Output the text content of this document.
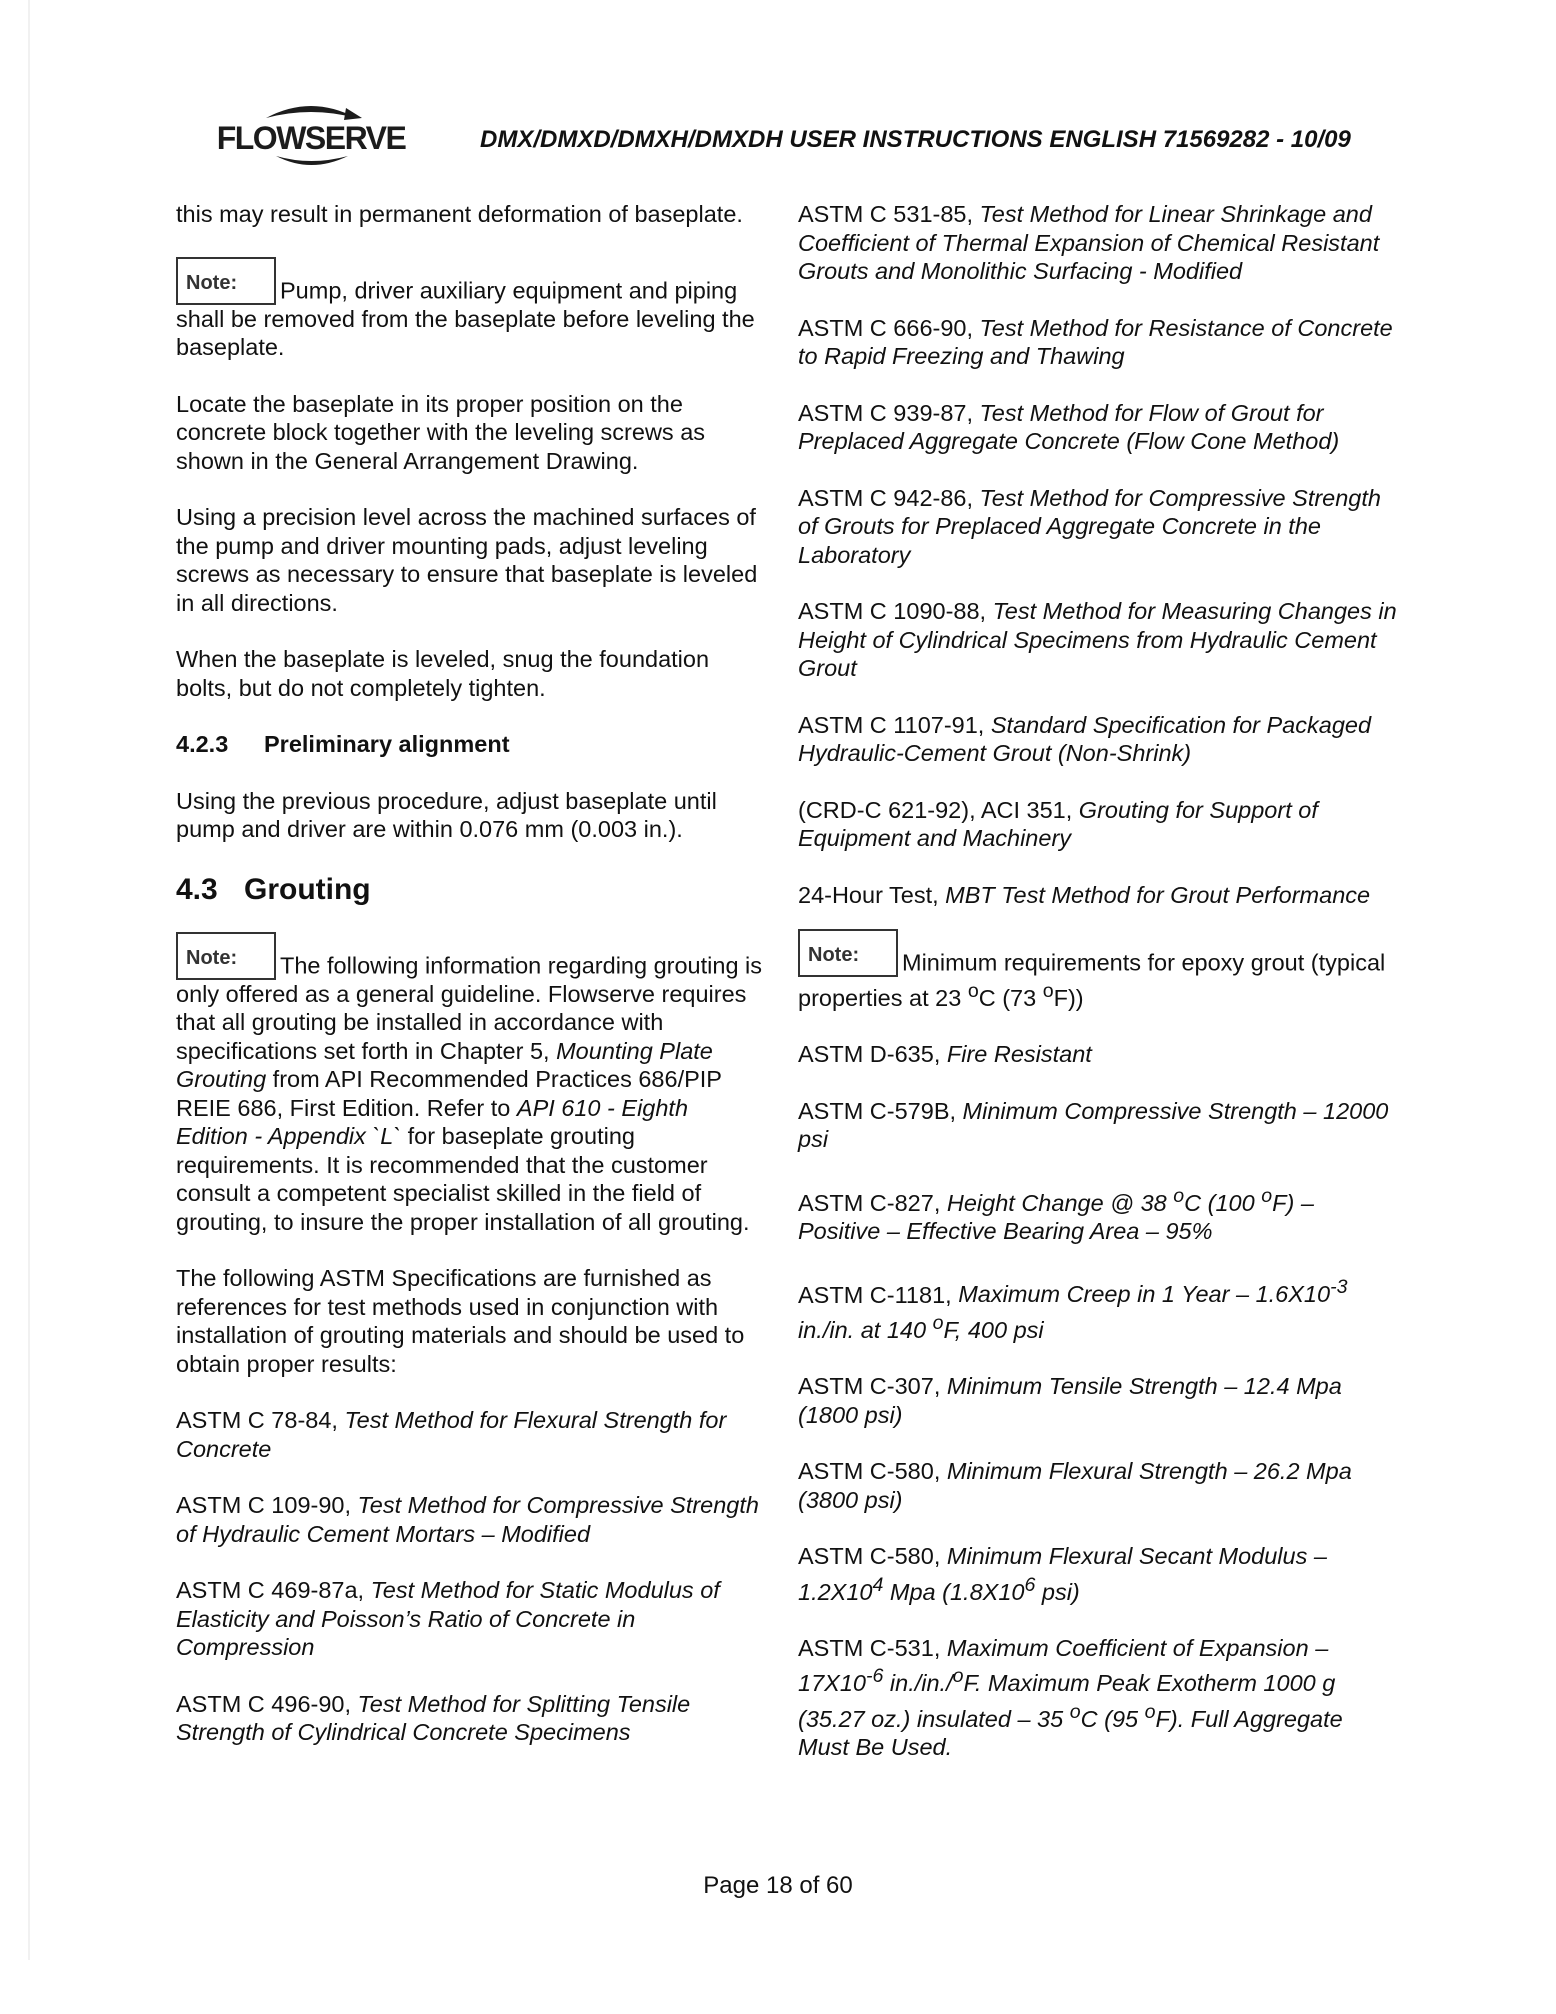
FLOWSERVE	DMX/DMXD/DMXH/DMXDH USER INSTRUCTIONS ENGLISH 71569282 - 10/09

this may result in permanent deformation of baseplate.

Note: Pump, driver auxiliary equipment and piping shall be removed from the baseplate before leveling the baseplate.

Locate the baseplate in its proper position on the concrete block together with the leveling screws as shown in the General Arrangement Drawing.

Using a precision level across the machined surfaces of the pump and driver mounting pads, adjust leveling screws as necessary to ensure that baseplate is leveled in all directions.

When the baseplate is leveled, snug the foundation bolts, but do not completely tighten.

4.2.3 Preliminary alignment

Using the previous procedure, adjust baseplate until pump and driver are within 0.076 mm (0.003 in.).

4.3 Grouting

Note: The following information regarding grouting is only offered as a general guideline. Flowserve requires that all grouting be installed in accordance with specifications set forth in Chapter 5, Mounting Plate Grouting from API Recommended Practices 686/PIP REIE 686, First Edition. Refer to API 610 - Eighth Edition - Appendix `L` for baseplate grouting requirements. It is recommended that the customer consult a competent specialist skilled in the field of grouting, to insure the proper installation of all grouting.

The following ASTM Specifications are furnished as references for test methods used in conjunction with installation of grouting materials and should be used to obtain proper results:

ASTM C 78-84, Test Method for Flexural Strength for Concrete

ASTM C 109-90, Test Method for Compressive Strength of Hydraulic Cement Mortars – Modified

ASTM C 469-87a, Test Method for Static Modulus of Elasticity and Poisson’s Ratio of Concrete in Compression

ASTM C 496-90, Test Method for Splitting Tensile Strength of Cylindrical Concrete Specimens

ASTM C 531-85, Test Method for Linear Shrinkage and Coefficient of Thermal Expansion of Chemical Resistant Grouts and Monolithic Surfacing - Modified

ASTM C 666-90, Test Method for Resistance of Concrete to Rapid Freezing and Thawing

ASTM C 939-87, Test Method for Flow of Grout for Preplaced Aggregate Concrete (Flow Cone Method)

ASTM C 942-86, Test Method for Compressive Strength of Grouts for Preplaced Aggregate Concrete in the Laboratory

ASTM C 1090-88, Test Method for Measuring Changes in Height of Cylindrical Specimens from Hydraulic Cement Grout

ASTM C 1107-91, Standard Specification for Packaged Hydraulic-Cement Grout (Non-Shrink)

(CRD-C 621-92), ACI 351, Grouting for Support of Equipment and Machinery

24-Hour Test, MBT Test Method for Grout Performance

Note: Minimum requirements for epoxy grout (typical properties at 23 $^o$C (73 $^o$F))

ASTM D-635, Fire Resistant

ASTM C-579B, Minimum Compressive Strength – 12000 psi

ASTM C-827, Height Change @ 38 $^o$C (100 $^o$F) – Positive – Effective Bearing Area – 95%

ASTM C-1181, Maximum Creep in 1 Year – $1.6X10^{-3}$ in./in. at 140 $^o$F, 400 psi

ASTM C-307, Minimum Tensile Strength – 12.4 Mpa (1800 psi)

ASTM C-580, Minimum Flexural Strength – 26.2 Mpa (3800 psi)

ASTM C-580, Minimum Flexural Secant Modulus – $1.2X10^4$ Mpa ($1.8X10^6$ psi)

ASTM C-531, Maximum Coefficient of Expansion – $17X10^{-6}$ in./in./$^o$F. Maximum Peak Exotherm 1000 g (35.27 oz.) insulated – 35 $^o$C (95 $^o$F). Full Aggregate Must Be Used.

Page 18 of 60
